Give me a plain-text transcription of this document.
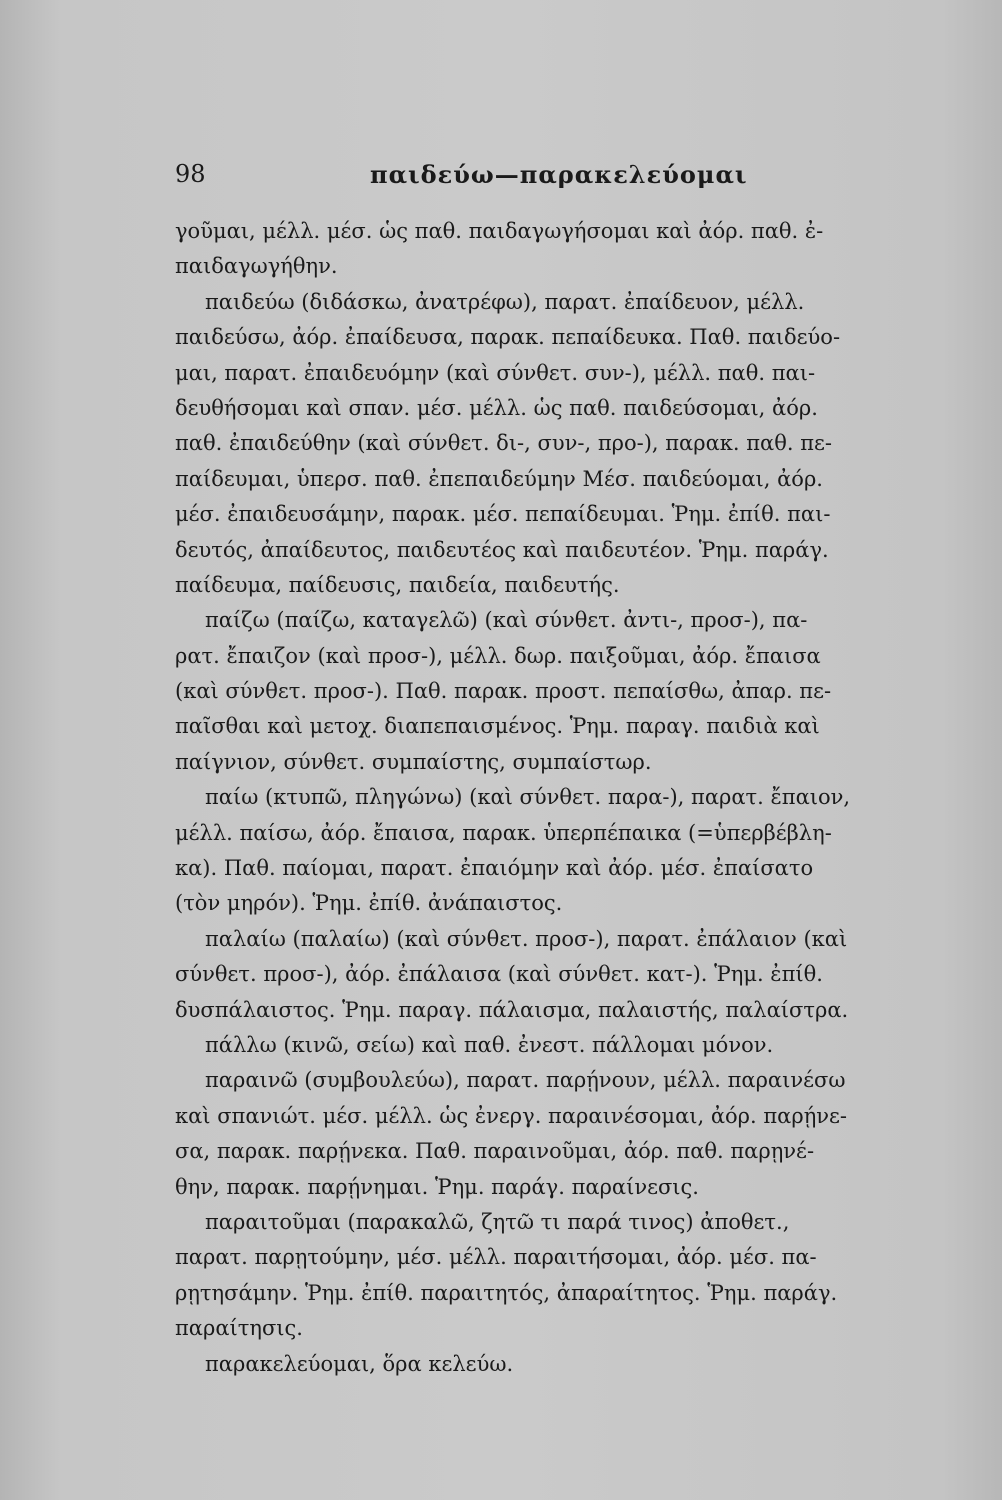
98	παιδεύω—παρακελεύομαι
γοῦμαι, μέλλ. μέσ. ὡς παθ. παιδαγωγήσομαι καὶ ἀόρ. παθ. ἐ-
παιδαγωγήθην.
παιδεύω (διδάσκω, ἀνατρέφω), παρατ. ἐπαίδευον, μέλλ.
παιδεύσω, ἀόρ. ἐπαίδευσα, παρακ. πεπαίδευκα. Παθ. παιδεύο-
μαι, παρατ. ἐπαιδευόμην (καὶ σύνθετ. συν-), μέλλ. παθ. παι-
δευθήσομαι καὶ σπαν. μέσ. μέλλ. ὡς παθ. παιδεύσομαι, ἀόρ.
παθ. ἐπαιδεύθην (καὶ σύνθετ. δι-, συν-, προ-), παρακ. παθ. πε-
παίδευμαι, ὑπερσ. παθ. ἐπεπαιδεύμην Μέσ. παιδεύομαι, ἀόρ.
μέσ. ἐπαιδευσάμην, παρακ. μέσ. πεπαίδευμαι. Ῥημ. ἐπίθ. παι-
δευτός, ἀπαίδευτος, παιδευτέος καὶ παιδευτέον. Ῥημ. παράγ.
παίδευμα, παίδευσις, παιδεία, παιδευτής.
παίζω (παίζω, καταγελῶ) (καὶ σύνθετ. ἀντι-, προσ-), πα-
ρατ. ἔπαιζον (καὶ προσ-), μέλλ. δωρ. παιξοῦμαι, ἀόρ. ἔπαισα
(καὶ σύνθετ. προσ-). Παθ. παρακ. προστ. πεπαίσθω, ἀπαρ. πε-
παῖσθαι καὶ μετοχ. διαπεπαισμένος. Ῥημ. παραγ. παιδιὰ καὶ
παίγνιον, σύνθετ. συμπαίστης, συμπαίστωρ.
παίω (κτυπῶ, πληγώνω) (καὶ σύνθετ. παρα-), παρατ. ἔπαιον,
μέλλ. παίσω, ἀόρ. ἔπαισα, παρακ. ὑπερπέπαικα (=ὑπερβέβλη-
κα). Παθ. παίομαι, παρατ. ἐπαιόμην καὶ ἀόρ. μέσ. ἐπαίσατο
(τὸν μηρόν). Ῥημ. ἐπίθ. ἀνάπαιστος.
παλαίω (παλαίω) (καὶ σύνθετ. προσ-), παρατ. ἐπάλαιον (καὶ
σύνθετ. προσ-), ἀόρ. ἐπάλαισα (καὶ σύνθετ. κατ-). Ῥημ. ἐπίθ.
δυσπάλαιστος. Ῥημ. παραγ. πάλαισμα, παλαιστής, παλαίστρα.
πάλλω (κινῶ, σείω) καὶ παθ. ἐνεστ. πάλλομαι μόνον.
παραινῶ (συμβουλεύω), παρατ. παρῄνουν, μέλλ. παραινέσω
καὶ σπανιώτ. μέσ. μέλλ. ὡς ἐνεργ. παραινέσομαι, ἀόρ. παρῄνε-
σα, παρακ. παρῄνεκα. Παθ. παραινοῦμαι, ἀόρ. παθ. παρῃνέ-
θην, παρακ. παρῄνημαι. Ῥημ. παράγ. παραίνεσις.
παραιτοῦμαι (παρακαλῶ, ζητῶ τι παρά τινος) ἀποθετ.,
παρατ. παρῃτούμην, μέσ. μέλλ. παραιτήσομαι, ἀόρ. μέσ. πα-
ρῃτησάμην. Ῥημ. ἐπίθ. παραιτητός, ἀπαραίτητος. Ῥημ. παράγ.
παραίτησις.
παρακελεύομαι, ὅρα κελεύω.
